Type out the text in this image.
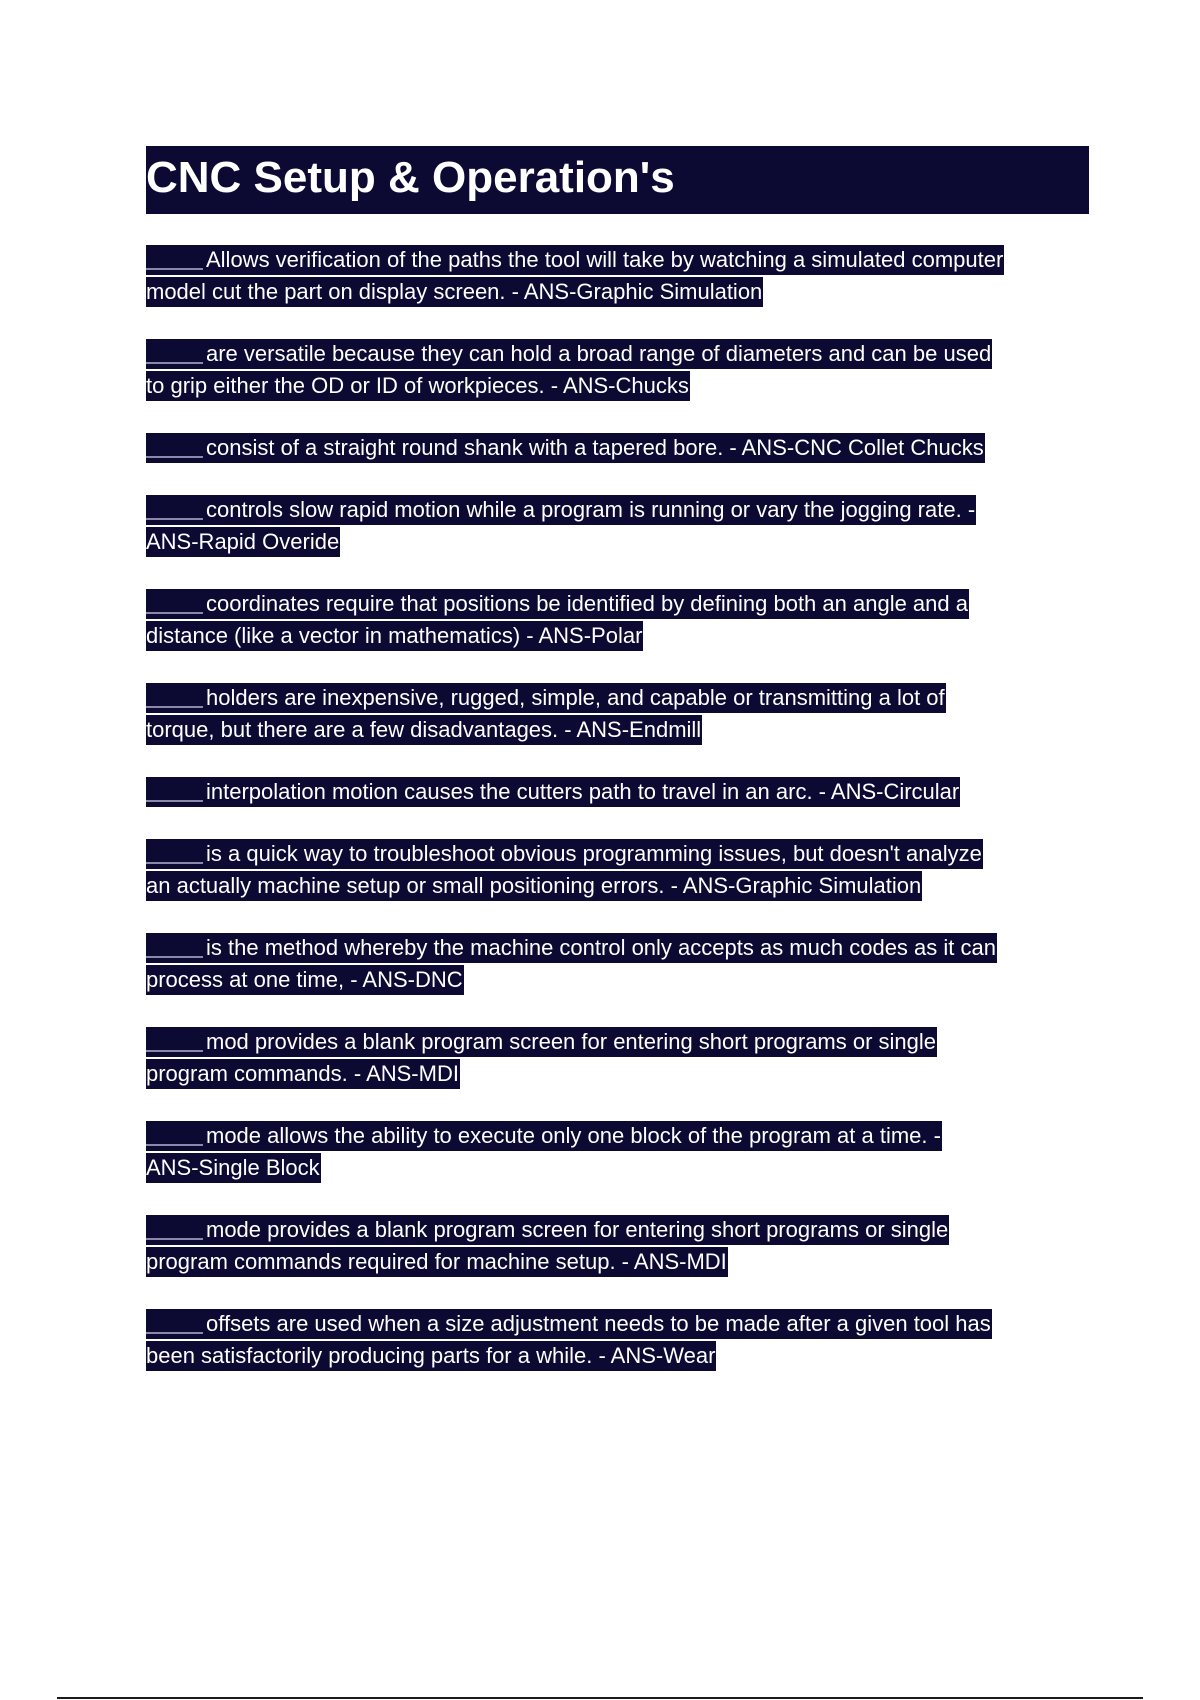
CNC Setup & Operation's
Allows verification of the paths the tool will take by watching a simulated computer
model cut the part on display screen. - ANS-Graphic Simulation
are versatile because they can hold a broad range of diameters and can be used
to grip either the OD or ID of workpieces. - ANS-Chucks
consist of a straight round shank with a tapered bore. - ANS-CNC Collet Chucks
controls slow rapid motion while a program is running or vary the jogging rate. -
ANS-Rapid Overide
coordinates require that positions be identified by defining both an angle and a
distance (like a vector in mathematics) - ANS-Polar
holders are inexpensive, rugged, simple, and capable or transmitting a lot of
torque, but there are a few disadvantages. - ANS-Endmill
interpolation motion causes the cutters path to travel in an arc. - ANS-Circular
is a quick way to troubleshoot obvious programming issues, but doesn't analyze
an actually machine setup or small positioning errors. - ANS-Graphic Simulation
is the method whereby the machine control only accepts as much codes as it can
process at one time, - ANS-DNC
mod provides a blank program screen for entering short programs or single
program commands. - ANS-MDI
mode allows the ability to execute only one block of the program at a time. -
ANS-Single Block
mode provides a blank program screen for entering short programs or single
program commands required for machine setup. - ANS-MDI
offsets are used when a size adjustment needs to be made after a given tool has
been satisfactorily producing parts for a while. - ANS-Wear
